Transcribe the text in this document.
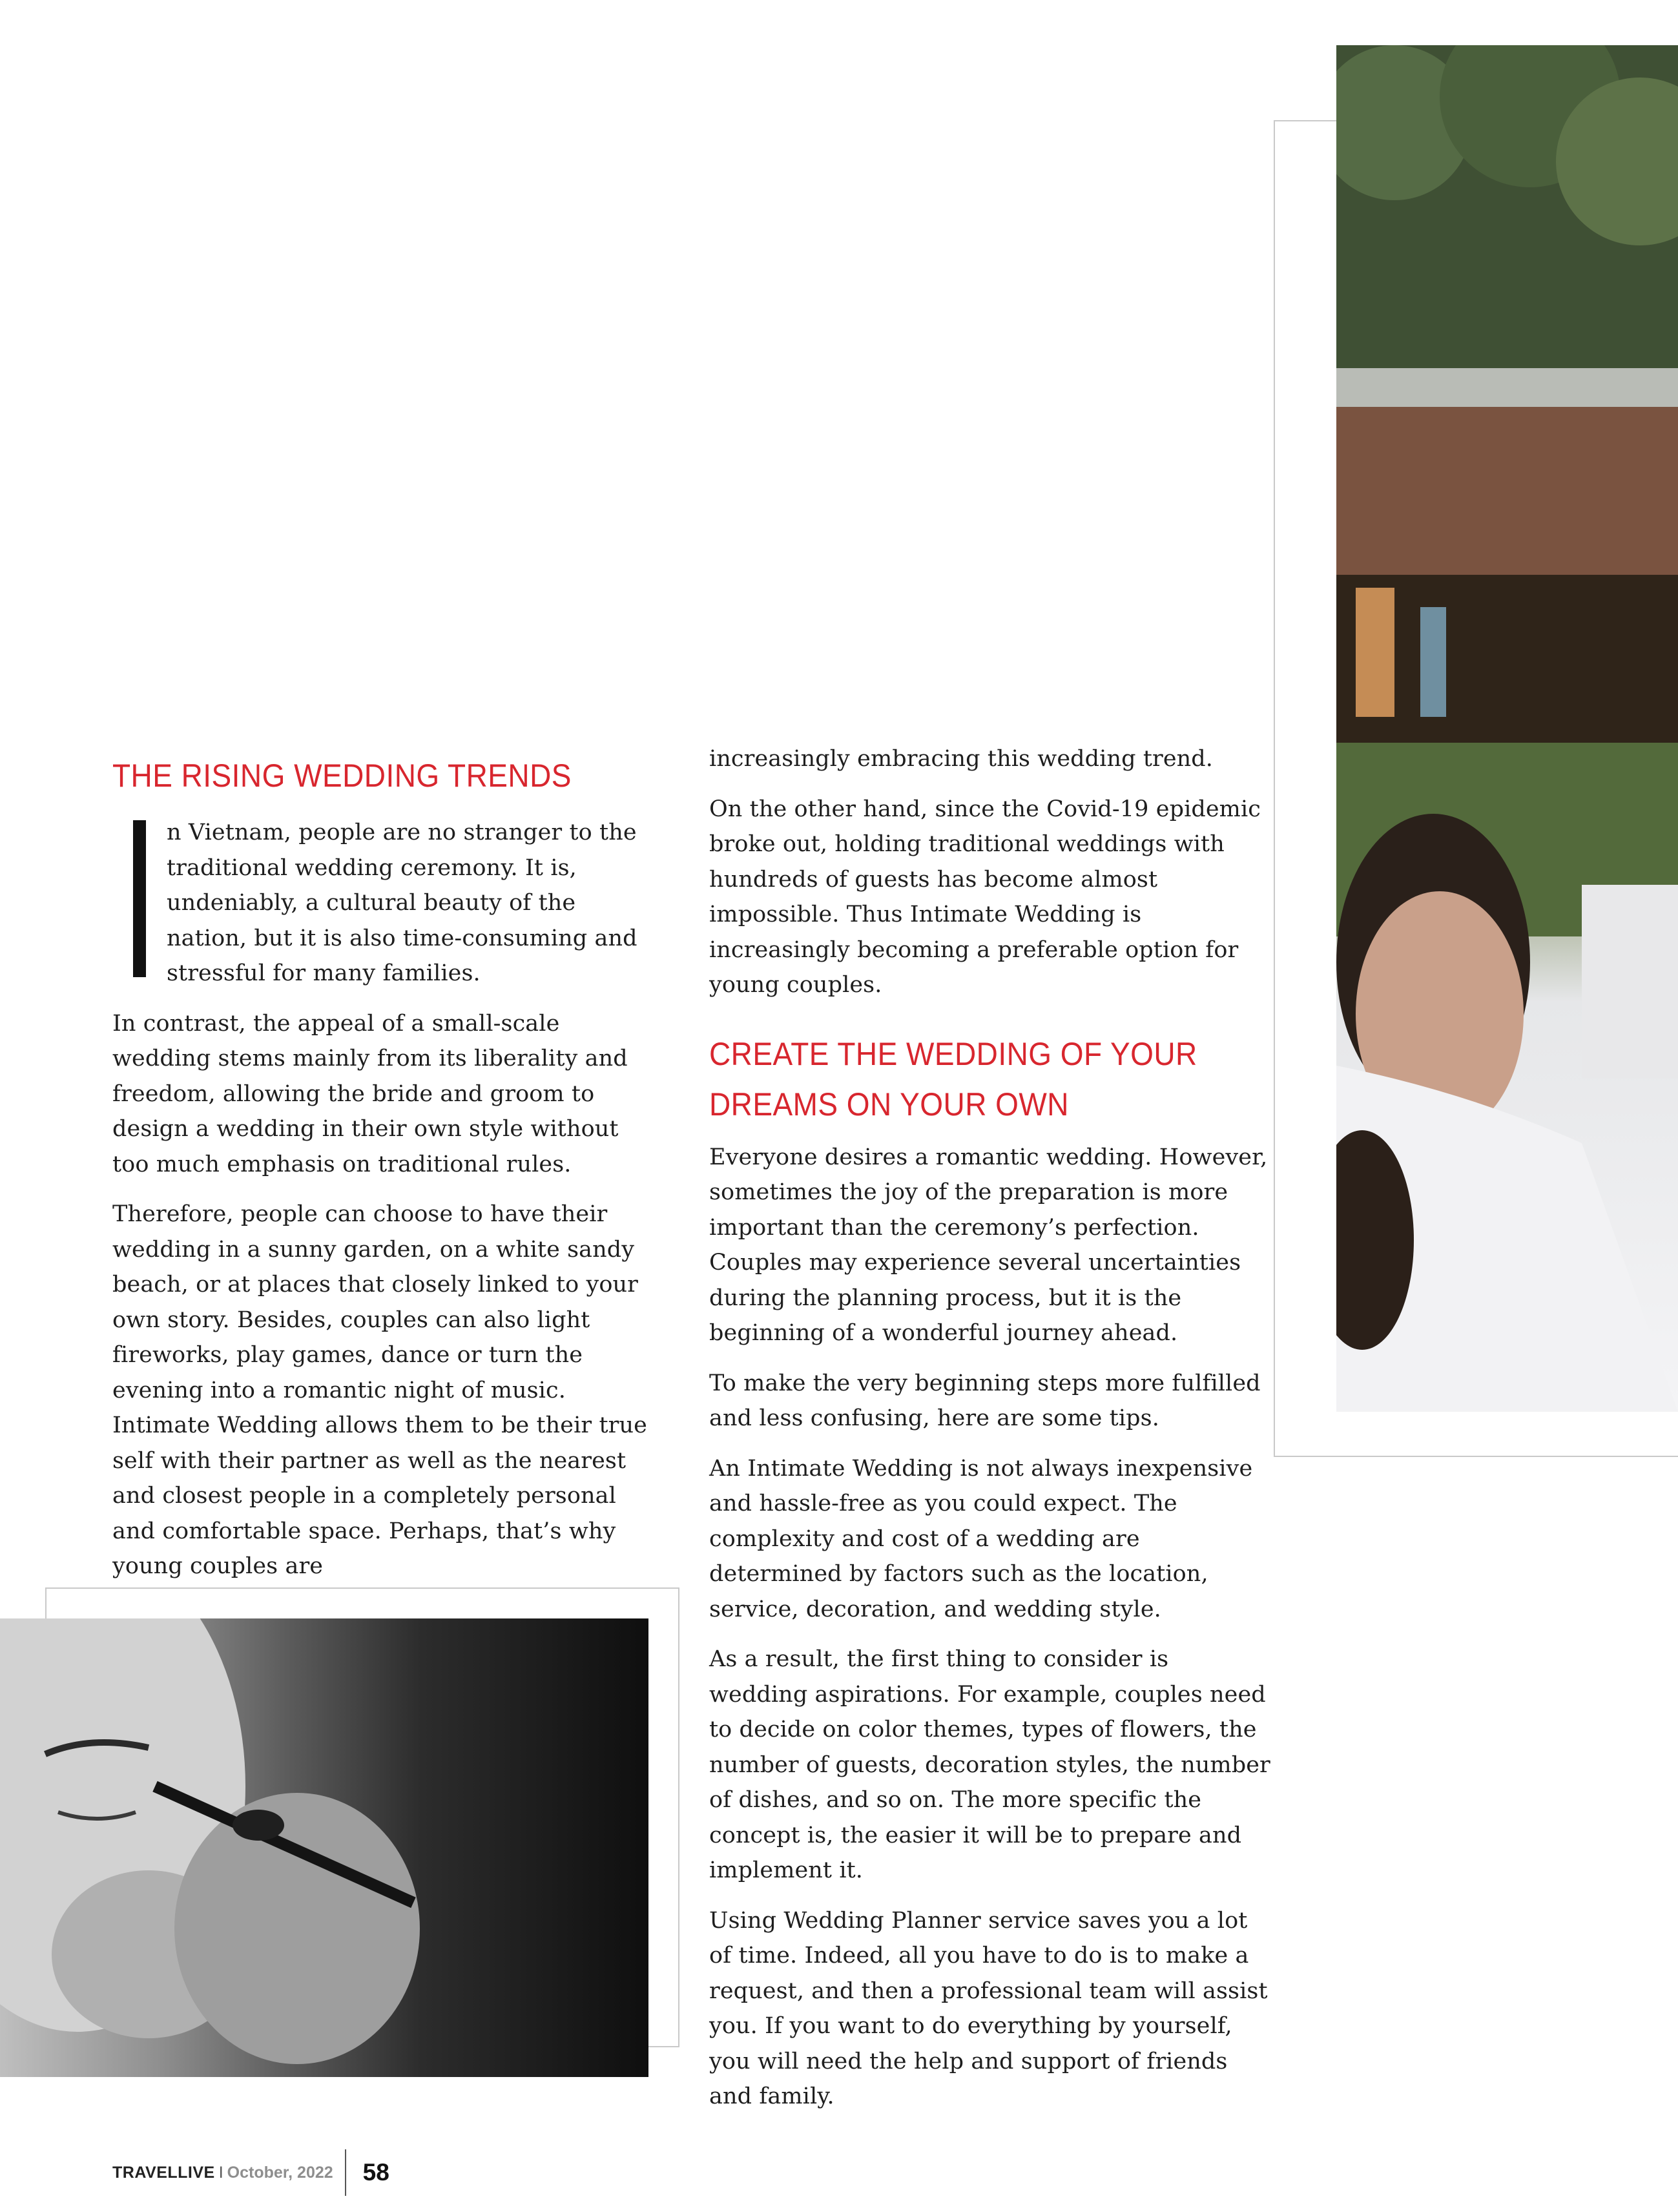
THE RISING WEDDING TRENDS

n Vietnam, people are no stranger to the traditional wedding ceremony. It is, undeniably, a cultural beauty of the nation, but it is also time-consuming and stressful for many families.

In contrast, the appeal of a small-scale wedding stems mainly from its liberality and freedom, allowing the bride and groom to design a wedding in their own style without too much emphasis on traditional rules.

Therefore, people can choose to have their wedding in a sunny garden, on a white sandy beach, or at places that closely linked to your own story. Besides, couples can also light fireworks, play games, dance or turn the evening into a romantic night of music. Intimate Wedding allows them to be their true self with their partner as well as the nearest and closest people in a completely personal and comfortable space. Perhaps, that’s why young couples are

increasingly embracing this wedding trend.

On the other hand, since the Covid-19 epidemic broke out, holding traditional weddings with hundreds of guests has become almost impossible. Thus Intimate Wedding is increasingly becoming a preferable option for young couples.

CREATE THE WEDDING OF YOUR DREAMS ON YOUR OWN

Everyone desires a romantic wedding. However, sometimes the joy of the preparation is more important than the ceremony’s perfection. Couples may experience several uncertainties during the planning process, but it is the beginning of a wonderful journey ahead.

To make the very beginning steps more fulfilled and less confusing, here are some tips.

An Intimate Wedding is not always inexpensive and hassle-free as you could expect. The complexity and cost of a wedding are determined by factors such as the location, service, decoration, and wedding style.

As a result, the first thing to consider is wedding aspirations. For example, couples need to decide on color themes, types of flowers, the number of guests, decoration styles, the number of dishes, and so on. The more specific the concept is, the easier it will be to prepare and implement it.

Using Wedding Planner service saves you a lot of time. Indeed, all you have to do is to make a request, and then a professional team will assist you. If you want to do everything by yourself, you will need the help and support of friends and family.

TRAVELLIVE I October, 2022 58
